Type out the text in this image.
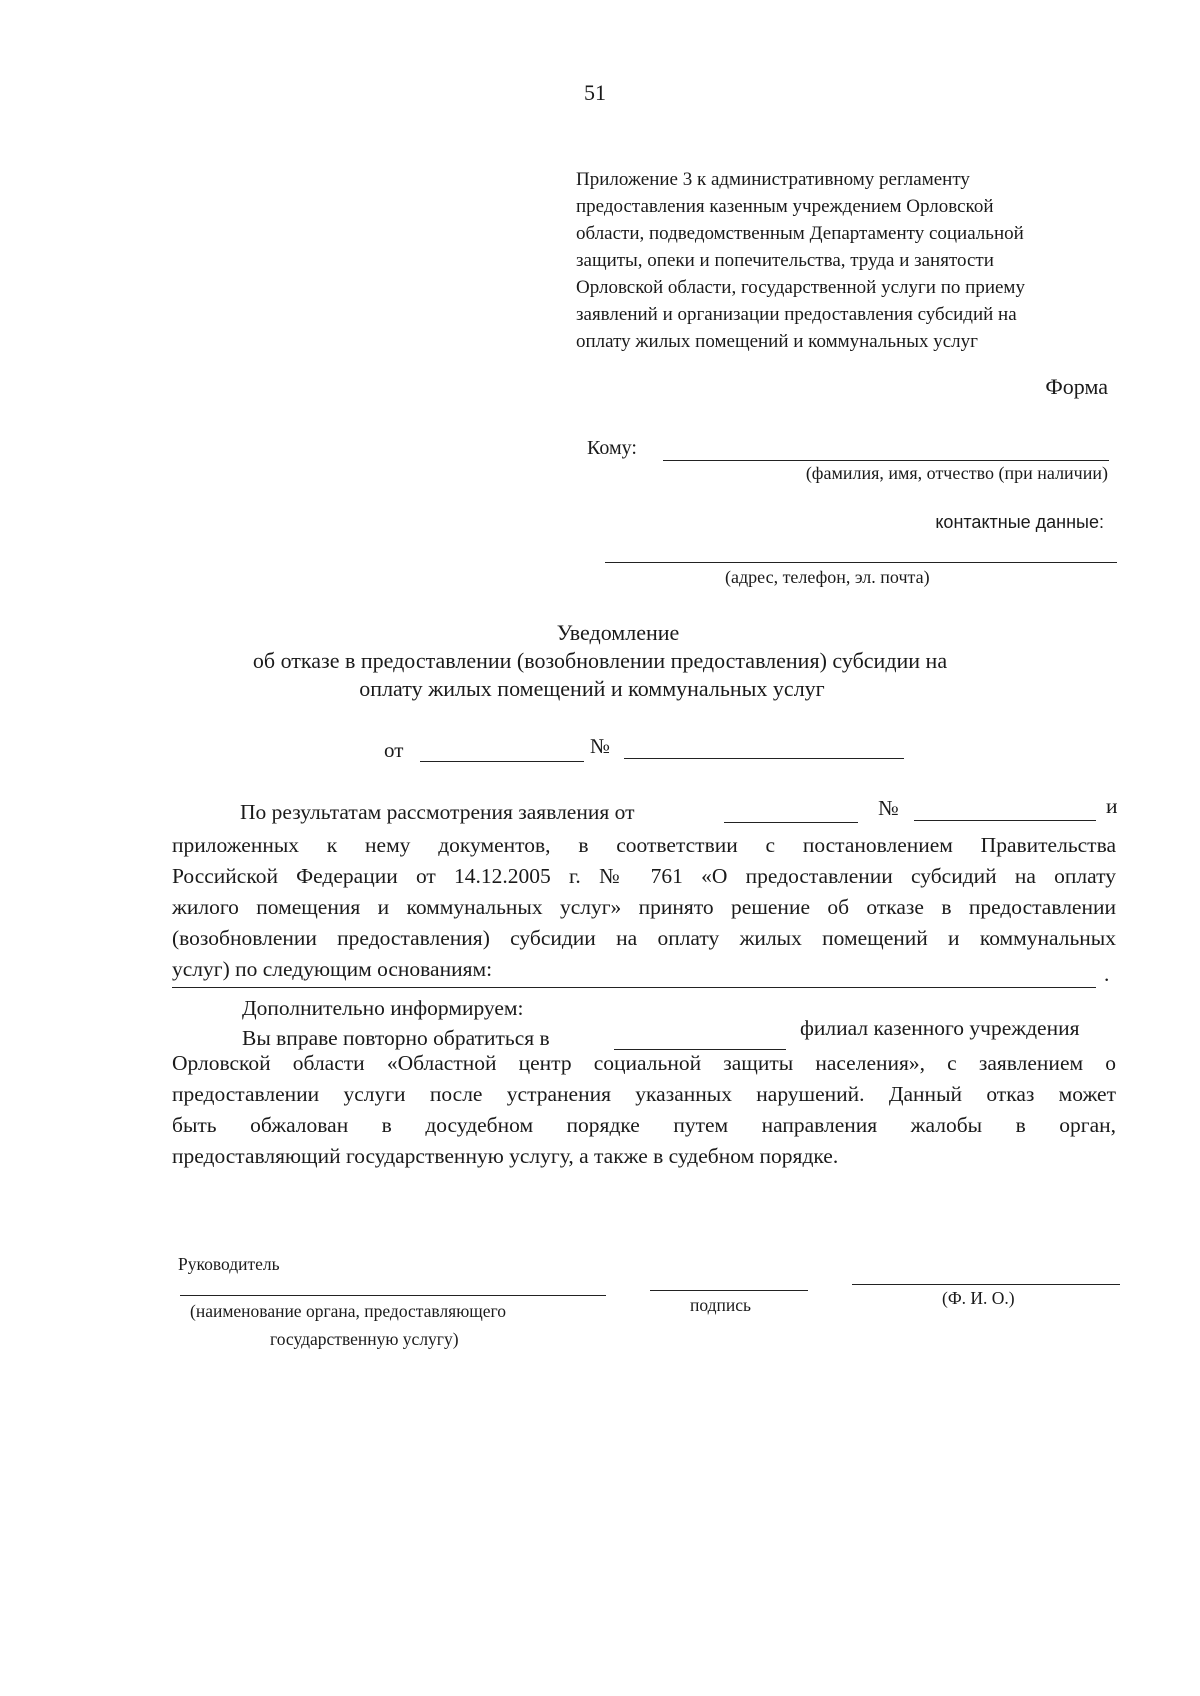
51
Приложение 3 к административному регламенту
предоставления казенным учреждением Орловской
области, подведомственным Департаменту социальной
защиты, опеки и попечительства, труда и занятости
Орловской области, государственной услуги по приему
заявлений и организации предоставления субсидий на
оплату жилых помещений и коммунальных услуг
Форма
Кому:
(фамилия, имя, отчество (при наличии)
контактные данные:
(адрес, телефон, эл. почта)
Уведомление
об отказе в предоставлении (возобновлении предоставления) субсидии на
оплату жилых помещений и коммунальных услуг
от	№
По результатам рассмотрения заявления от	№	и
приложенных к нему документов, в соответствии с постановлением Правительства
Российской Федерации от 14.12.2005 г. № 761 «О предоставлении субсидий на оплату
жилого помещения и коммунальных услуг» принято решение об отказе в предоставлении
(возобновлении предоставления) субсидии на оплату жилых помещений и коммунальных
услуг) по следующим основаниям:	.
Дополнительно информируем:
Вы вправе повторно обратиться в	филиал казенного учреждения
Орловской области «Областной центр социальной защиты населения», с заявлением о
предоставлении услуги после устранения указанных нарушений. Данный отказ может
быть обжалован в досудебном порядке путем направления жалобы в орган,
предоставляющий государственную услугу, а также в судебном порядке.
Руководитель
(наименование органа, предоставляющего
государственную услугу)
подпись	(Ф. И. О.)
